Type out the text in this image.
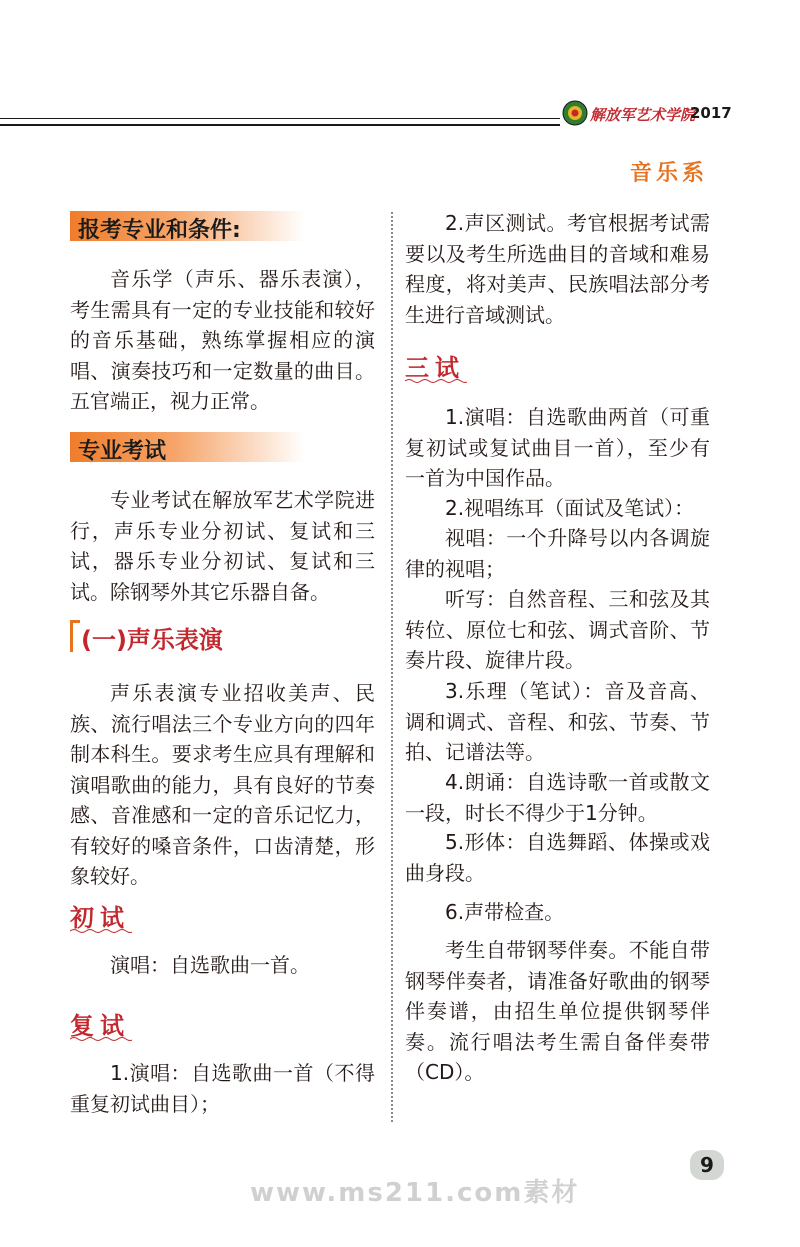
解放军艺术学院
2017
音乐系
报考专业和条件:

音乐学（声乐、器乐表演），考生需具有一定的专业技能和较好的音乐基础，熟练掌握相应的演唱、演奏技巧和一定数量的曲目。五官端正，视力正常。

专业考试

专业考试在解放军艺术学院进行，声乐专业分初试、复试和三试，器乐专业分初试、复试和三试。除钢琴外其它乐器自备。

(一)声乐表演

声乐表演专业招收美声、民族、流行唱法三个专业方向的四年制本科生。要求考生应具有理解和演唱歌曲的能力，具有良好的节奏感、音准感和一定的音乐记忆力，有较好的嗓音条件，口齿清楚，形象较好。

初试

演唱：自选歌曲一首。

复试

1.演唱：自选歌曲一首（不得重复初试曲目）；

2.声区测试。考官根据考试需要以及考生所选曲目的音域和难易程度，将对美声、民族唱法部分考生进行音域测试。

三试

1.演唱：自选歌曲两首（可重复初试或复试曲目一首），至少有一首为中国作品。

2.视唱练耳（面试及笔试）：

视唱：一个升降号以内各调旋律的视唱；

听写：自然音程、三和弦及其转位、原位七和弦、调式音阶、节奏片段、旋律片段。

3.乐理（笔试）：音及音高、调和调式、音程、和弦、节奏、节拍、记谱法等。

4.朗诵：自选诗歌一首或散文一段，时长不得少于1分钟。

5.形体：自选舞蹈、体操或戏曲身段。

6.声带检查。

考生自带钢琴伴奏。不能自带钢琴伴奏者，请准备好歌曲的钢琴伴奏谱，由招生单位提供钢琴伴奏。流行唱法考生需自备伴奏带（CD）。

9
www.ms211.com素材
